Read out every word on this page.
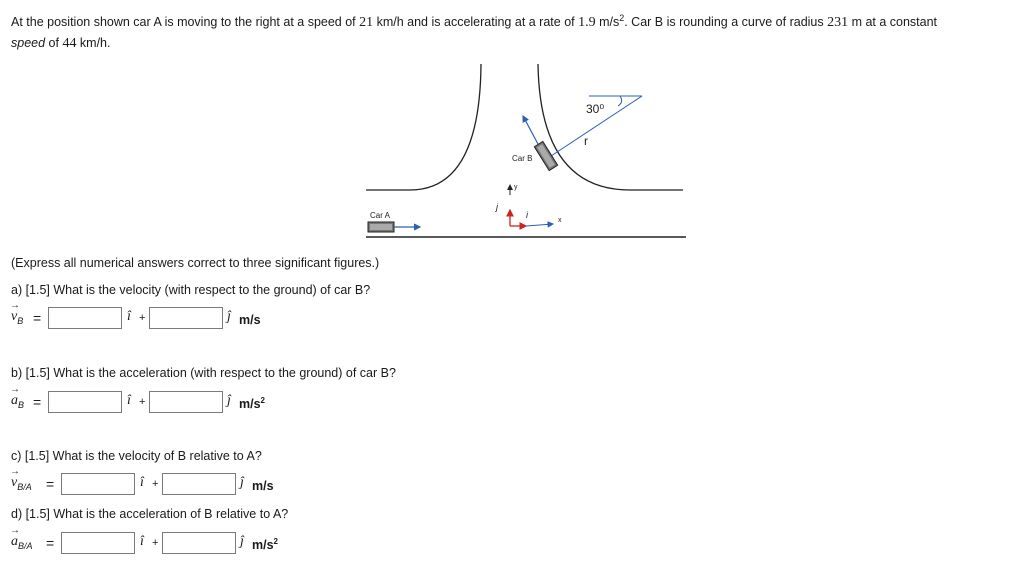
At the position shown car A is moving to the right at a speed of 21 km/h and is accelerating at a rate of 1.9 $m/s^2$. Car B is rounding a curve of radius 231 m at a constant
speed of 44 km/h.
30⁰
r
Car B
Car A
y
x
j
i
(Express all numerical answers correct to three significant figures.)
a) [1.5] What is the velocity (with respect to the ground) of car B?
v
→
$_B$ =	î +	ĵ m/s
b) [1.5] What is the acceleration (with respect to the ground) of car B?
a
→
$_B$ =	î +	ĵ $m/s^2$
c) [1.5] What is the velocity of B relative to A?
v
→
$_{B/A}$ =	î +	ĵ m/s
d) [1.5] What is the acceleration of B relative to A?
a
→
$_{B/A}$ =	î +	ĵ $m/s^2$
